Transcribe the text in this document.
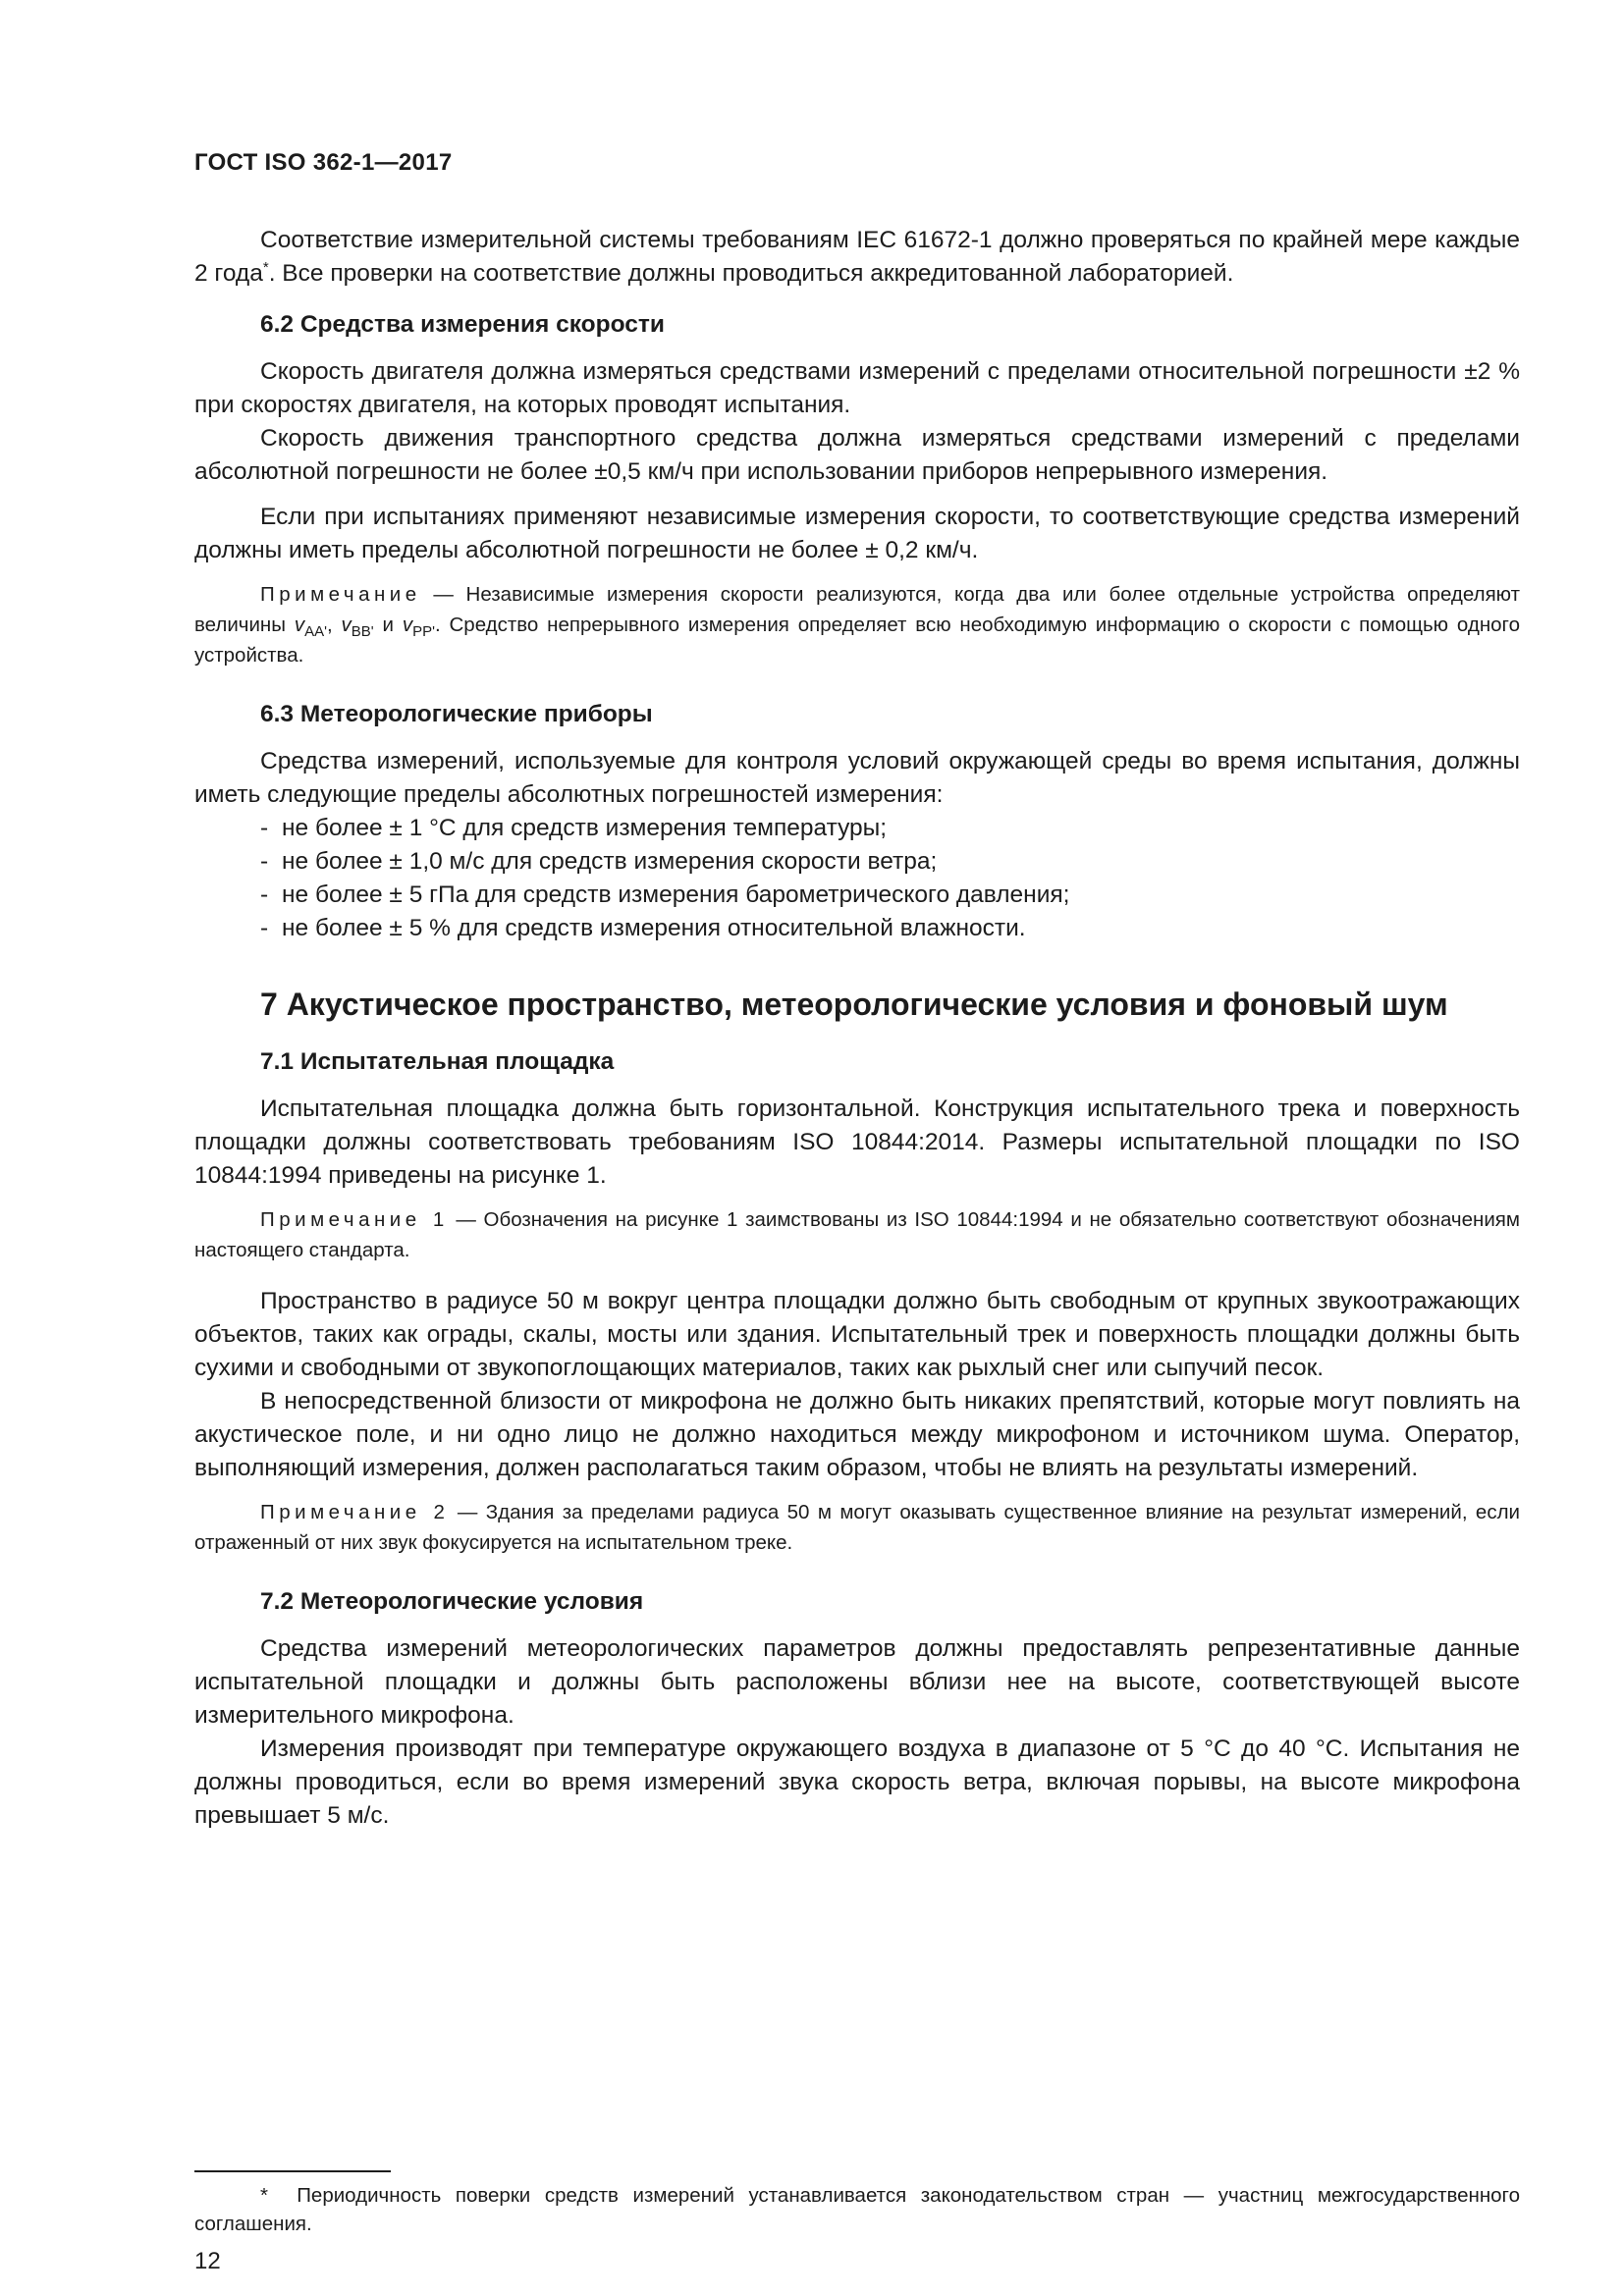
ГОСТ ISO 362-1—2017

Соответствие измерительной системы требованиям IEC 61672-1 должно проверяться по крайней мере каждые 2 года*. Все проверки на соответствие должны проводиться аккредитованной лабораторией.

6.2 Средства измерения скорости

Скорость двигателя должна измеряться средствами измерений с пределами относительной погрешности ±2 % при скоростях двигателя, на которых проводят испытания.

Скорость движения транспортного средства должна измеряться средствами измерений с пределами абсолютной погрешности не более ±0,5 км/ч при использовании приборов непрерывного измерения.

Если при испытаниях применяют независимые измерения скорости, то соответствующие средства измерений должны иметь пределы абсолютной погрешности не более ± 0,2 км/ч.

Примечание — Независимые измерения скорости реализуются, когда два или более отдельные устройства определяют величины $v_{AA'}$, $v_{BB'}$ и $v_{PP'}$. Средство непрерывного измерения определяет всю необходимую информацию о скорости с помощью одного устройства.

6.3 Метеорологические приборы

Средства измерений, используемые для контроля условий окружающей среды во время испытания, должны иметь следующие пределы абсолютных погрешностей измерения:

- не более ± 1 °С для средств измерения температуры;
- не более ± 1,0 м/с для средств измерения скорости ветра;
- не более ± 5 гПа для средств измерения барометрического давления;
- не более ± 5 % для средств измерения относительной влажности.
7 Акустическое пространство, метеорологические условия и фоновый шум
7.1 Испытательная площадка

Испытательная площадка должна быть горизонтальной. Конструкция испытательного трека и поверхность площадки должны соответствовать требованиям ISO 10844:2014. Размеры испытательной площадки по ISO 10844:1994 приведены на рисунке 1.

Примечание 1 — Обозначения на рисунке 1 заимствованы из ISO 10844:1994 и не обязательно соответствуют обозначениям настоящего стандарта.

Пространство в радиусе 50 м вокруг центра площадки должно быть свободным от крупных звукоотражающих объектов, таких как ограды, скалы, мосты или здания. Испытательный трек и поверхность площадки должны быть сухими и свободными от звукопоглощающих материалов, таких как рыхлый снег или сыпучий песок.

В непосредственной близости от микрофона не должно быть никаких препятствий, которые могут повлиять на акустическое поле, и ни одно лицо не должно находиться между микрофоном и источником шума. Оператор, выполняющий измерения, должен располагаться таким образом, чтобы не влиять на результаты измерений.

Примечание 2 — Здания за пределами радиуса 50 м могут оказывать существенное влияние на результат измерений, если отраженный от них звук фокусируется на испытательном треке.

7.2 Метеорологические условия

Средства измерений метеорологических параметров должны предоставлять репрезентативные данные испытательной площадки и должны быть расположены вблизи нее на высоте, соответствующей высоте измерительного микрофона.

Измерения производят при температуре окружающего воздуха в диапазоне от 5 °С до 40 °С. Испытания не должны проводиться, если во время измерений звука скорость ветра, включая порывы, на высоте микрофона превышает 5 м/с.

* Периодичность поверки средств измерений устанавливается законодательством стран — участниц межгосударственного соглашения.

12
